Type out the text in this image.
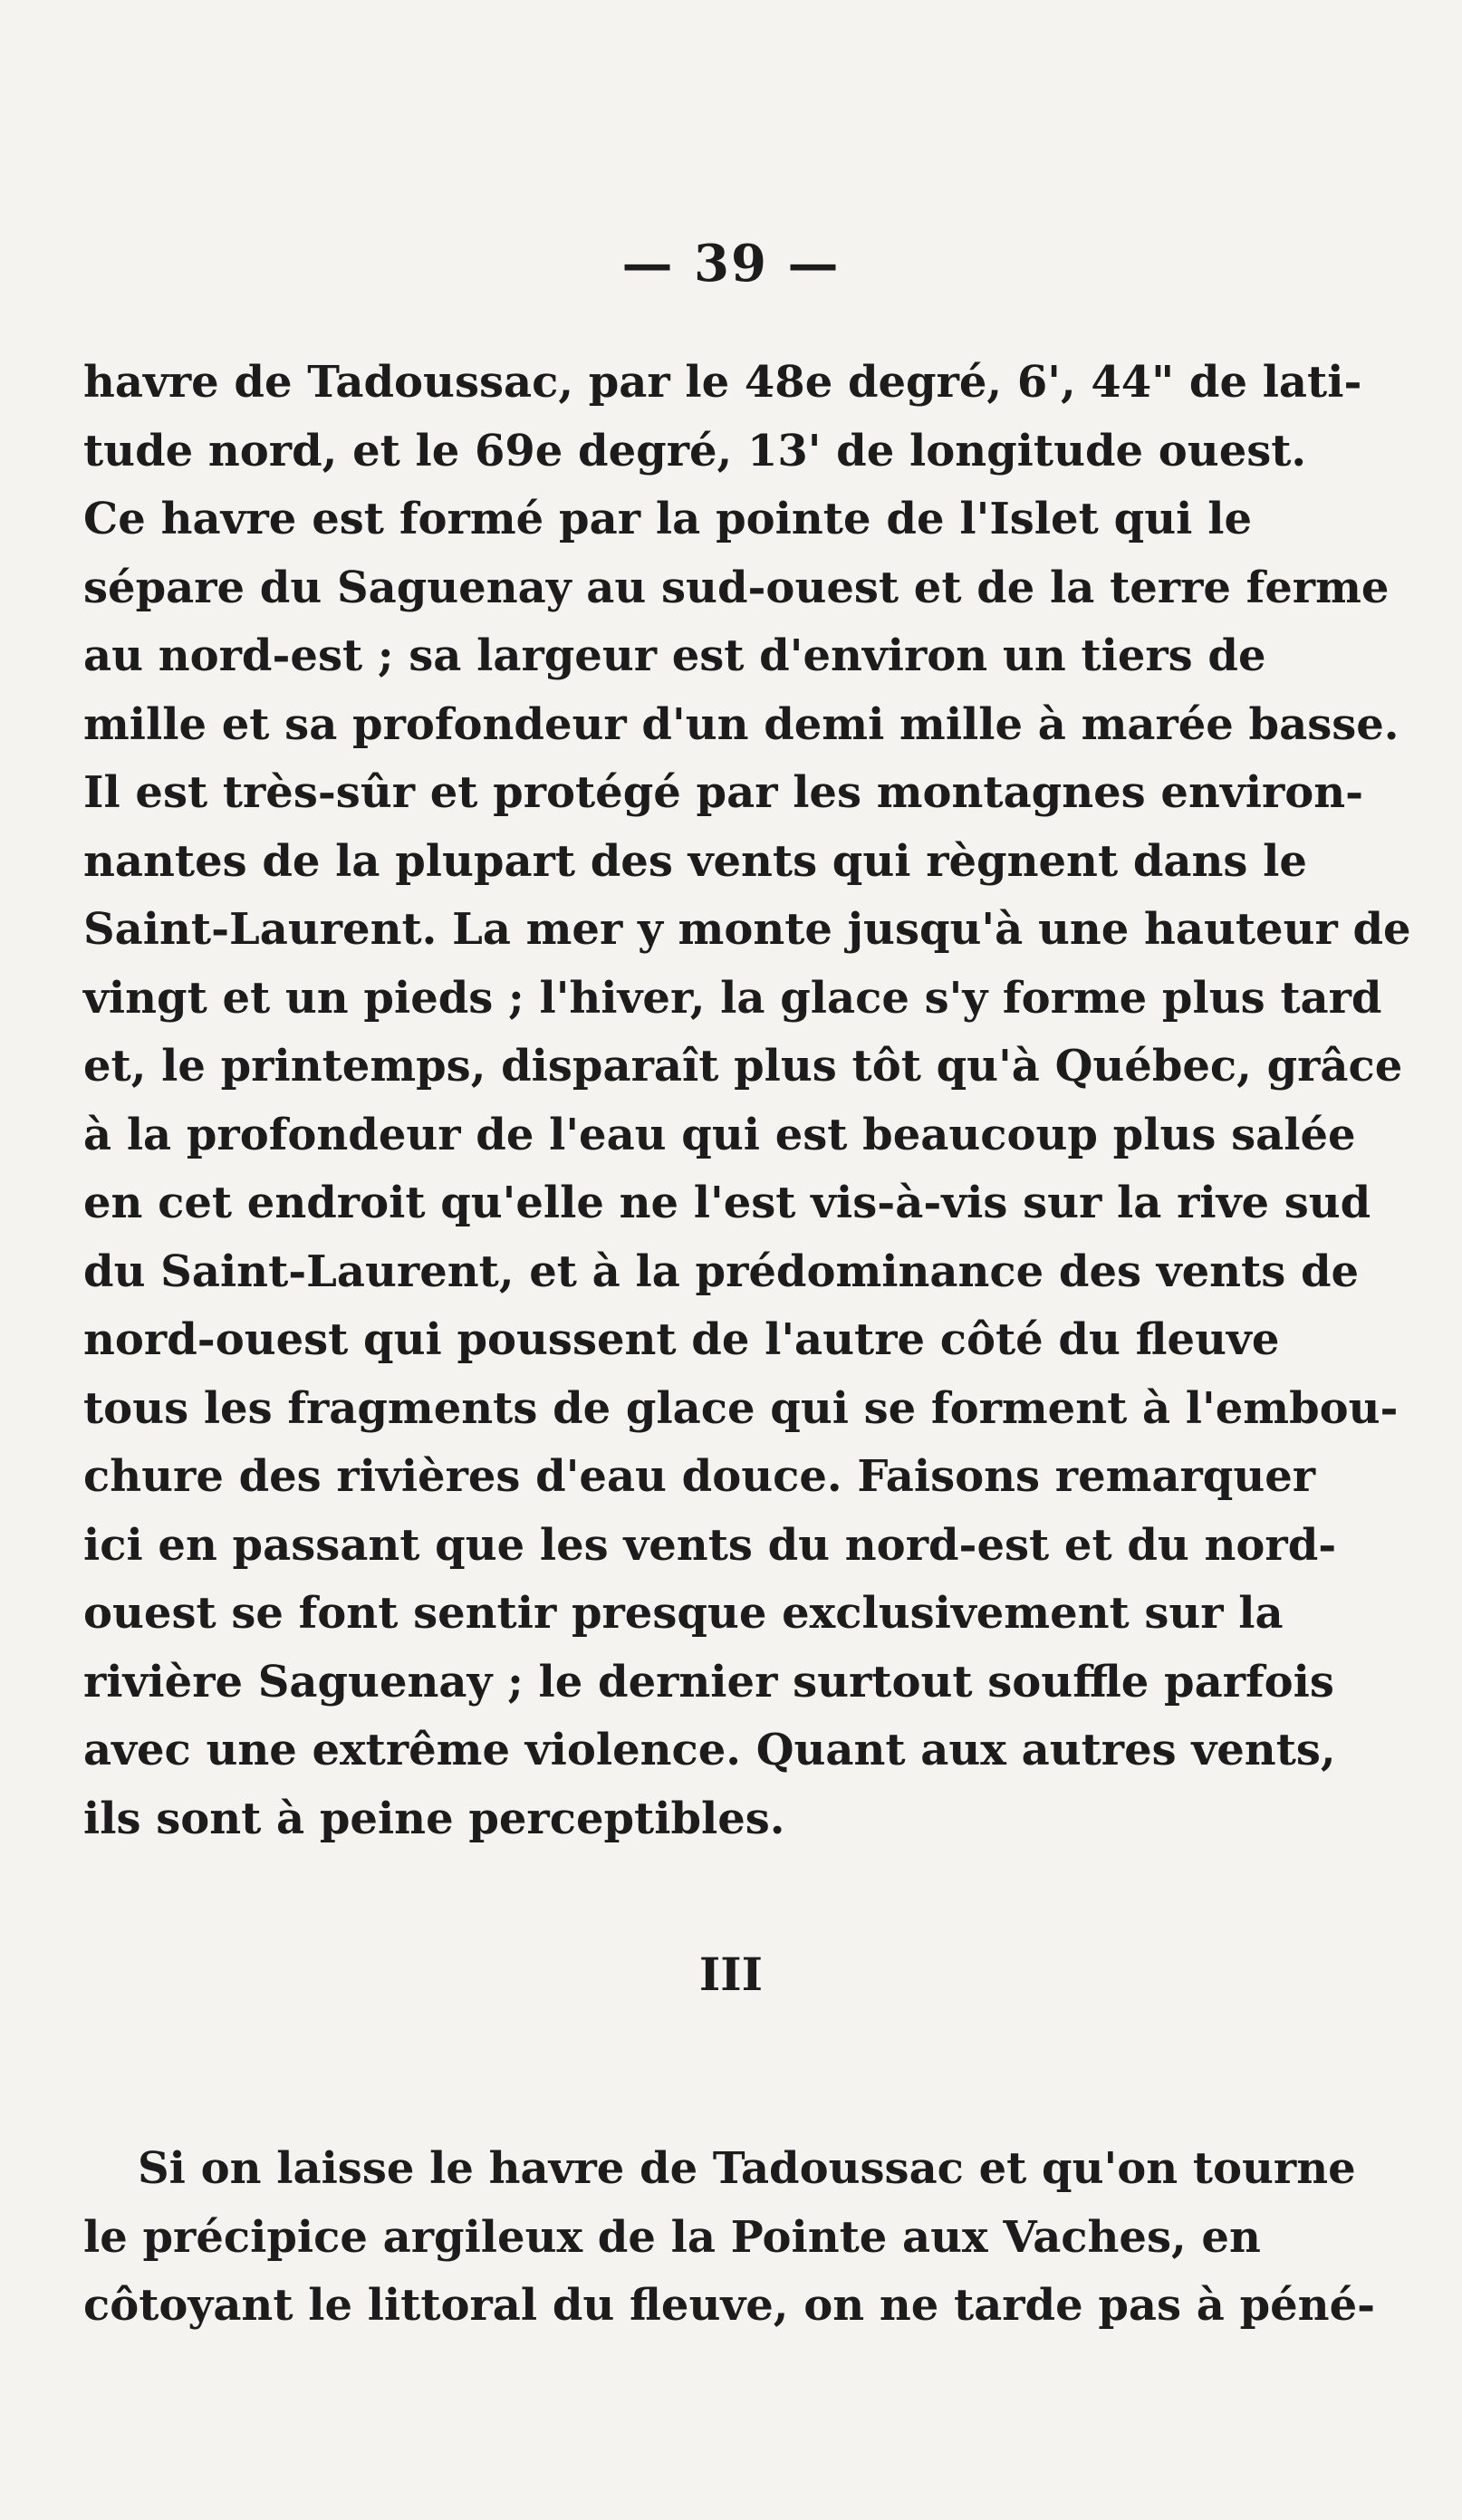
— 39 —
havre de Tadoussac, par le 48e degré, 6', 44" de lati-
tude nord, et le 69e degré, 13' de longitude ouest.
Ce havre est formé par la pointe de l'Islet qui le
sépare du Saguenay au sud-ouest et de la terre ferme
au nord-est ; sa largeur est d'environ un tiers de
mille et sa profondeur d'un demi mille à marée basse.
Il est très-sûr et protégé par les montagnes environ-
nantes de la plupart des vents qui règnent dans le
Saint-Laurent. La mer y monte jusqu'à une hauteur de
vingt et un pieds ; l'hiver, la glace s'y forme plus tard
et, le printemps, disparaît plus tôt qu'à Québec, grâce
à la profondeur de l'eau qui est beaucoup plus salée
en cet endroit qu'elle ne l'est vis-à-vis sur la rive sud
du Saint-Laurent, et à la prédominance des vents de
nord-ouest qui poussent de l'autre côté du fleuve
tous les fragments de glace qui se forment à l'embou-
chure des rivières d'eau douce. Faisons remarquer
ici en passant que les vents du nord-est et du nord-
ouest se font sentir presque exclusivement sur la
rivière Saguenay ; le dernier surtout souffle parfois
avec une extrême violence. Quant aux autres vents,
ils sont à peine perceptibles.
III
Si on laisse le havre de Tadoussac et qu'on tourne
le précipice argileux de la Pointe aux Vaches, en
côtoyant le littoral du fleuve, on ne tarde pas à péné-
